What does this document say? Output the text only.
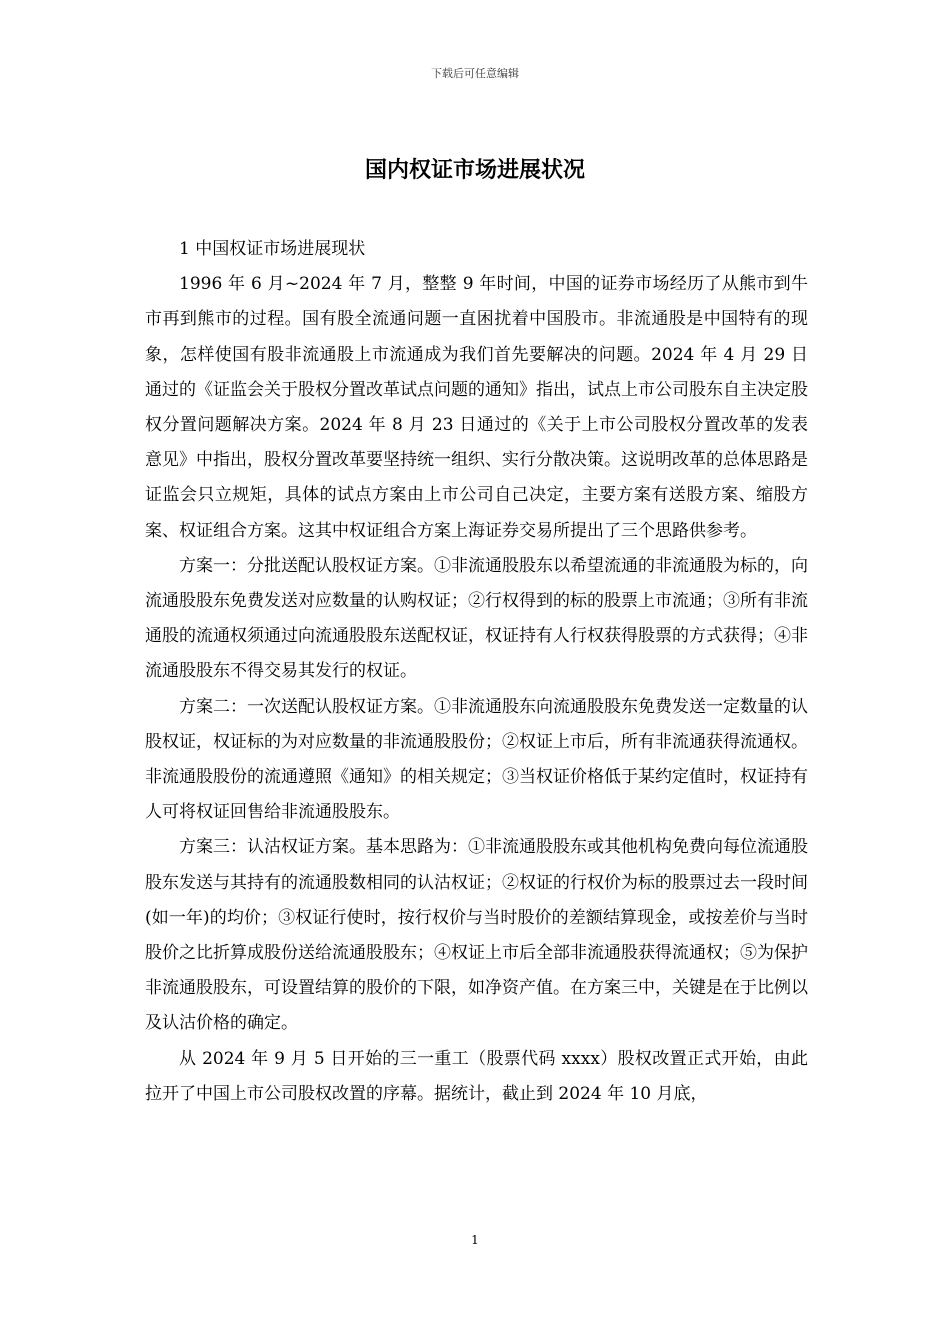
下载后可任意编辑
国内权证市场进展状况

1 中国权证市场进展现状

1996 年 6 月~2024 年 7 月，整整 9 年时间，中国的证券市场经历了从熊市到牛市再到熊市的过程。国有股全流通问题一直困扰着中国股市。非流通股是中国特有的现象，怎样使国有股非流通股上市流通成为我们首先要解决的问题。2024 年 4 月 29 日通过的《证监会关于股权分置改革试点问题的通知》指出，试点上市公司股东自主决定股权分置问题解决方案。2024 年 8 月 23 日通过的《关于上市公司股权分置改革的发表意见》中指出，股权分置改革要坚持统一组织、实行分散决策。这说明改革的总体思路是证监会只立规矩，具体的试点方案由上市公司自己决定，主要方案有送股方案、缩股方案、权证组合方案。这其中权证组合方案上海证券交易所提出了三个思路供参考。

方案一：分批送配认股权证方案。①非流通股股东以希望流通的非流通股为标的，向流通股股东免费发送对应数量的认购权证；②行权得到的标的股票上市流通；③所有非流通股的流通权须通过向流通股股东送配权证，权证持有人行权获得股票的方式获得；④非流通股股东不得交易其发行的权证。

方案二：一次送配认股权证方案。①非流通股东向流通股股东免费发送一定数量的认股权证，权证标的为对应数量的非流通股股份；②权证上市后，所有非流通获得流通权。非流通股股份的流通遵照《通知》的相关规定；③当权证价格低于某约定值时，权证持有人可将权证回售给非流通股股东。

方案三：认沽权证方案。基本思路为：①非流通股股东或其他机构免费向每位流通股股东发送与其持有的流通股数相同的认沽权证；②权证的行权价为标的股票过去一段时间(如一年)的均价；③权证行使时，按行权价与当时股价的差额结算现金，或按差价与当时股价之比折算成股份送给流通股股东；④权证上市后全部非流通股获得流通权；⑤为保护非流通股股东，可设置结算的股价的下限，如净资产值。在方案三中，关键是在于比例以及认沽价格的确定。

从 2024 年 9 月 5 日开始的三一重工（股票代码 xxxx）股权改置正式开始，由此拉开了中国上市公司股权改置的序幕。据统计，截止到 2024 年 10 月底，

1
